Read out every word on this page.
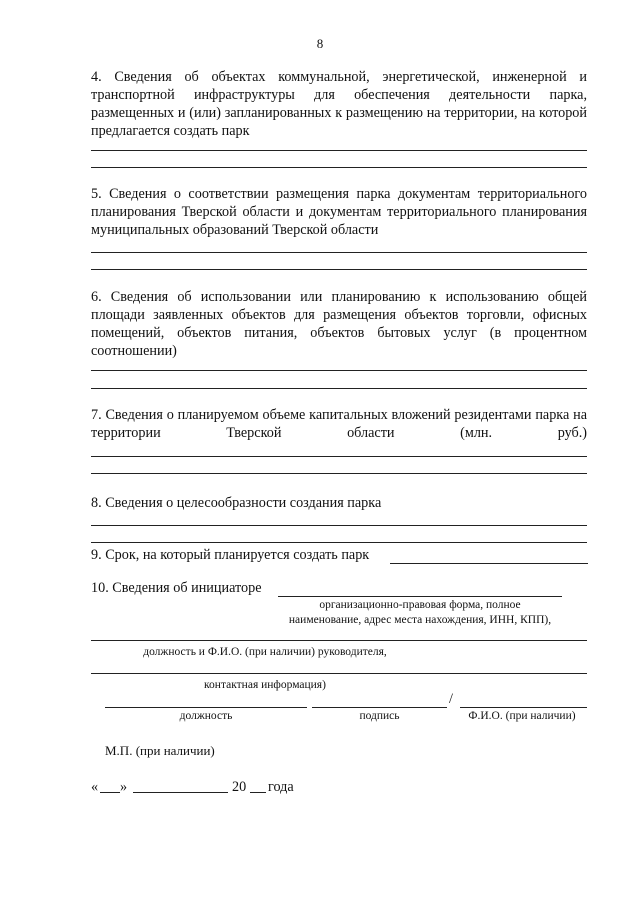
8
4. Сведения об объектах коммунальной, энергетической, инженерной и транспортной инфраструктуры для обеспечения деятельности парка, размещенных и (или) запланированных к размещению на территории, на которой предлагается создать парк
5. Сведения о соответствии размещения парка документам территориального планирования Тверской области и документам территориального планирования муниципальных образований Тверской области
6. Сведения об использовании или планированию к использованию общей площади заявленных объектов для размещения объектов торговли, офисных помещений, объектов питания, объектов бытовых услуг (в процентном соотношении)
7. Сведения о планируемом объеме капитальных вложений резидентами парка на территории Тверской области (млн. руб.)
8. Сведения о целесообразности создания парка
9. Срок, на который планируется создать парк
10. Сведения об инициаторе
организационно-правовая форма, полное
наименование, адрес места нахождения, ИНН, КПП),
должность и Ф.И.О. (при наличии) руководителя,
контактная информация)
/
должность	подпись	Ф.И.О. (при наличии)
М.П. (при наличии)
« »	20 года
